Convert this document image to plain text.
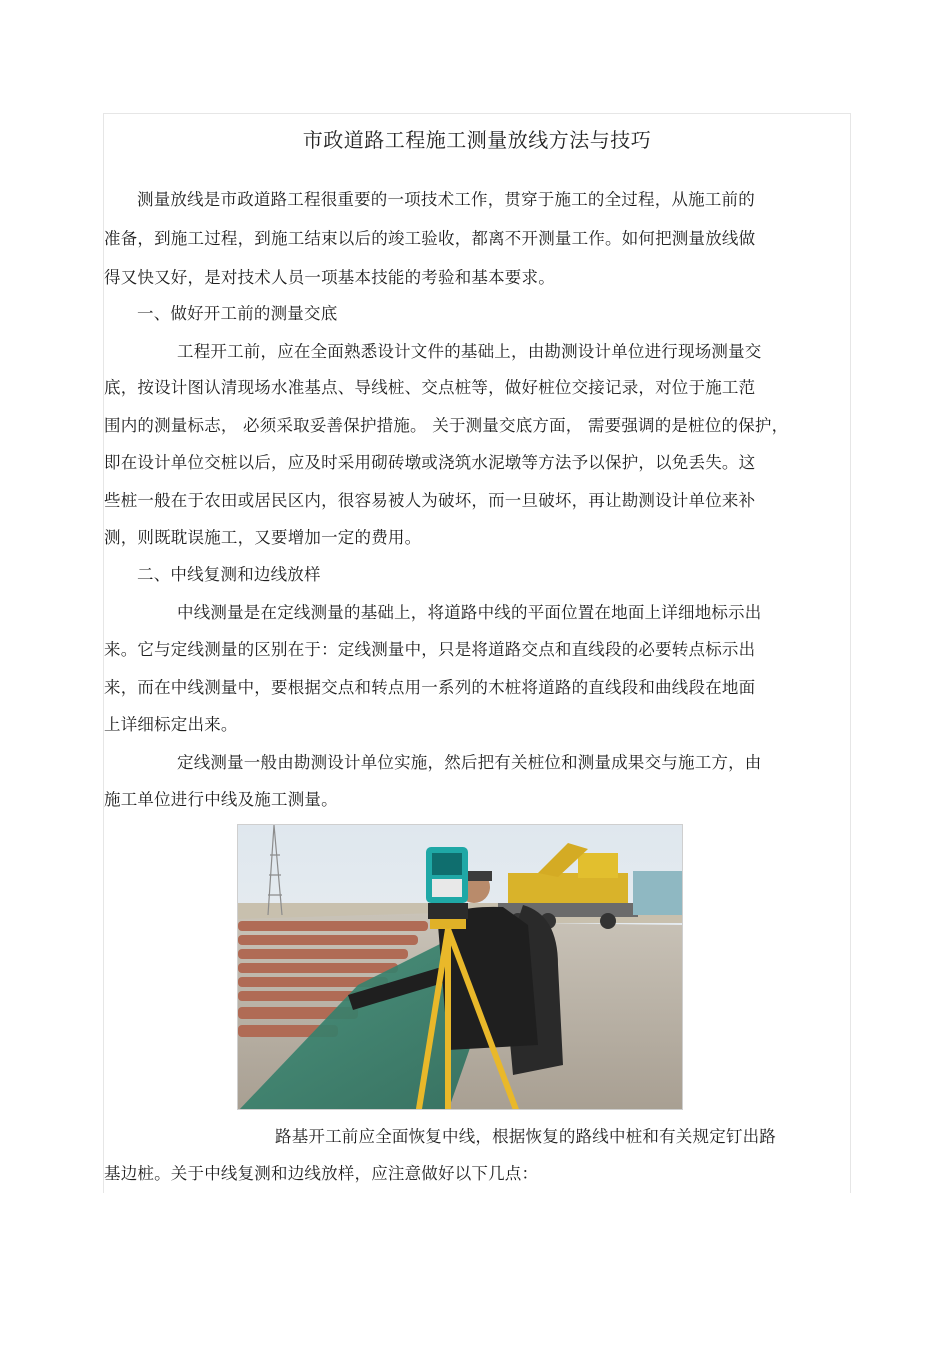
市政道路工程施工测量放线方法与技巧
测量放线是市政道路工程很重要的一项技术工作，贯穿于施工的全过程，从施工前的
准备，到施工过程，到施工结束以后的竣工验收，都离不开测量工作。如何把测量放线做
得又快又好，是对技术人员一项基本技能的考验和基本要求。
一、做好开工前的测量交底
工程开工前，应在全面熟悉设计文件的基础上，由勘测设计单位进行现场测量交
底，按设计图认清现场水准基点、导线桩、交点桩等，做好桩位交接记录，对位于施工范
围内的测量标志， 必须采取妥善保护措施。 关于测量交底方面， 需要强调的是桩位的保护，
即在设计单位交桩以后，应及时采用砌砖墩或浇筑水泥墩等方法予以保护，以免丢失。这
些桩一般在于农田或居民区内，很容易被人为破坏，而一旦破坏，再让勘测设计单位来补
测，则既耽误施工，又要增加一定的费用。
二、中线复测和边线放样
中线测量是在定线测量的基础上，将道路中线的平面位置在地面上详细地标示出
来。它与定线测量的区别在于：定线测量中，只是将道路交点和直线段的必要转点标示出
来，而在中线测量中，要根据交点和转点用一系列的木桩将道路的直线段和曲线段在地面
上详细标定出来。
定线测量一般由勘测设计单位实施，然后把有关桩位和测量成果交与施工方，由
施工单位进行中线及施工测量。
路基开工前应全面恢复中线，根据恢复的路线中桩和有关规定钉出路
基边桩。关于中线复测和边线放样，应注意做好以下几点：
